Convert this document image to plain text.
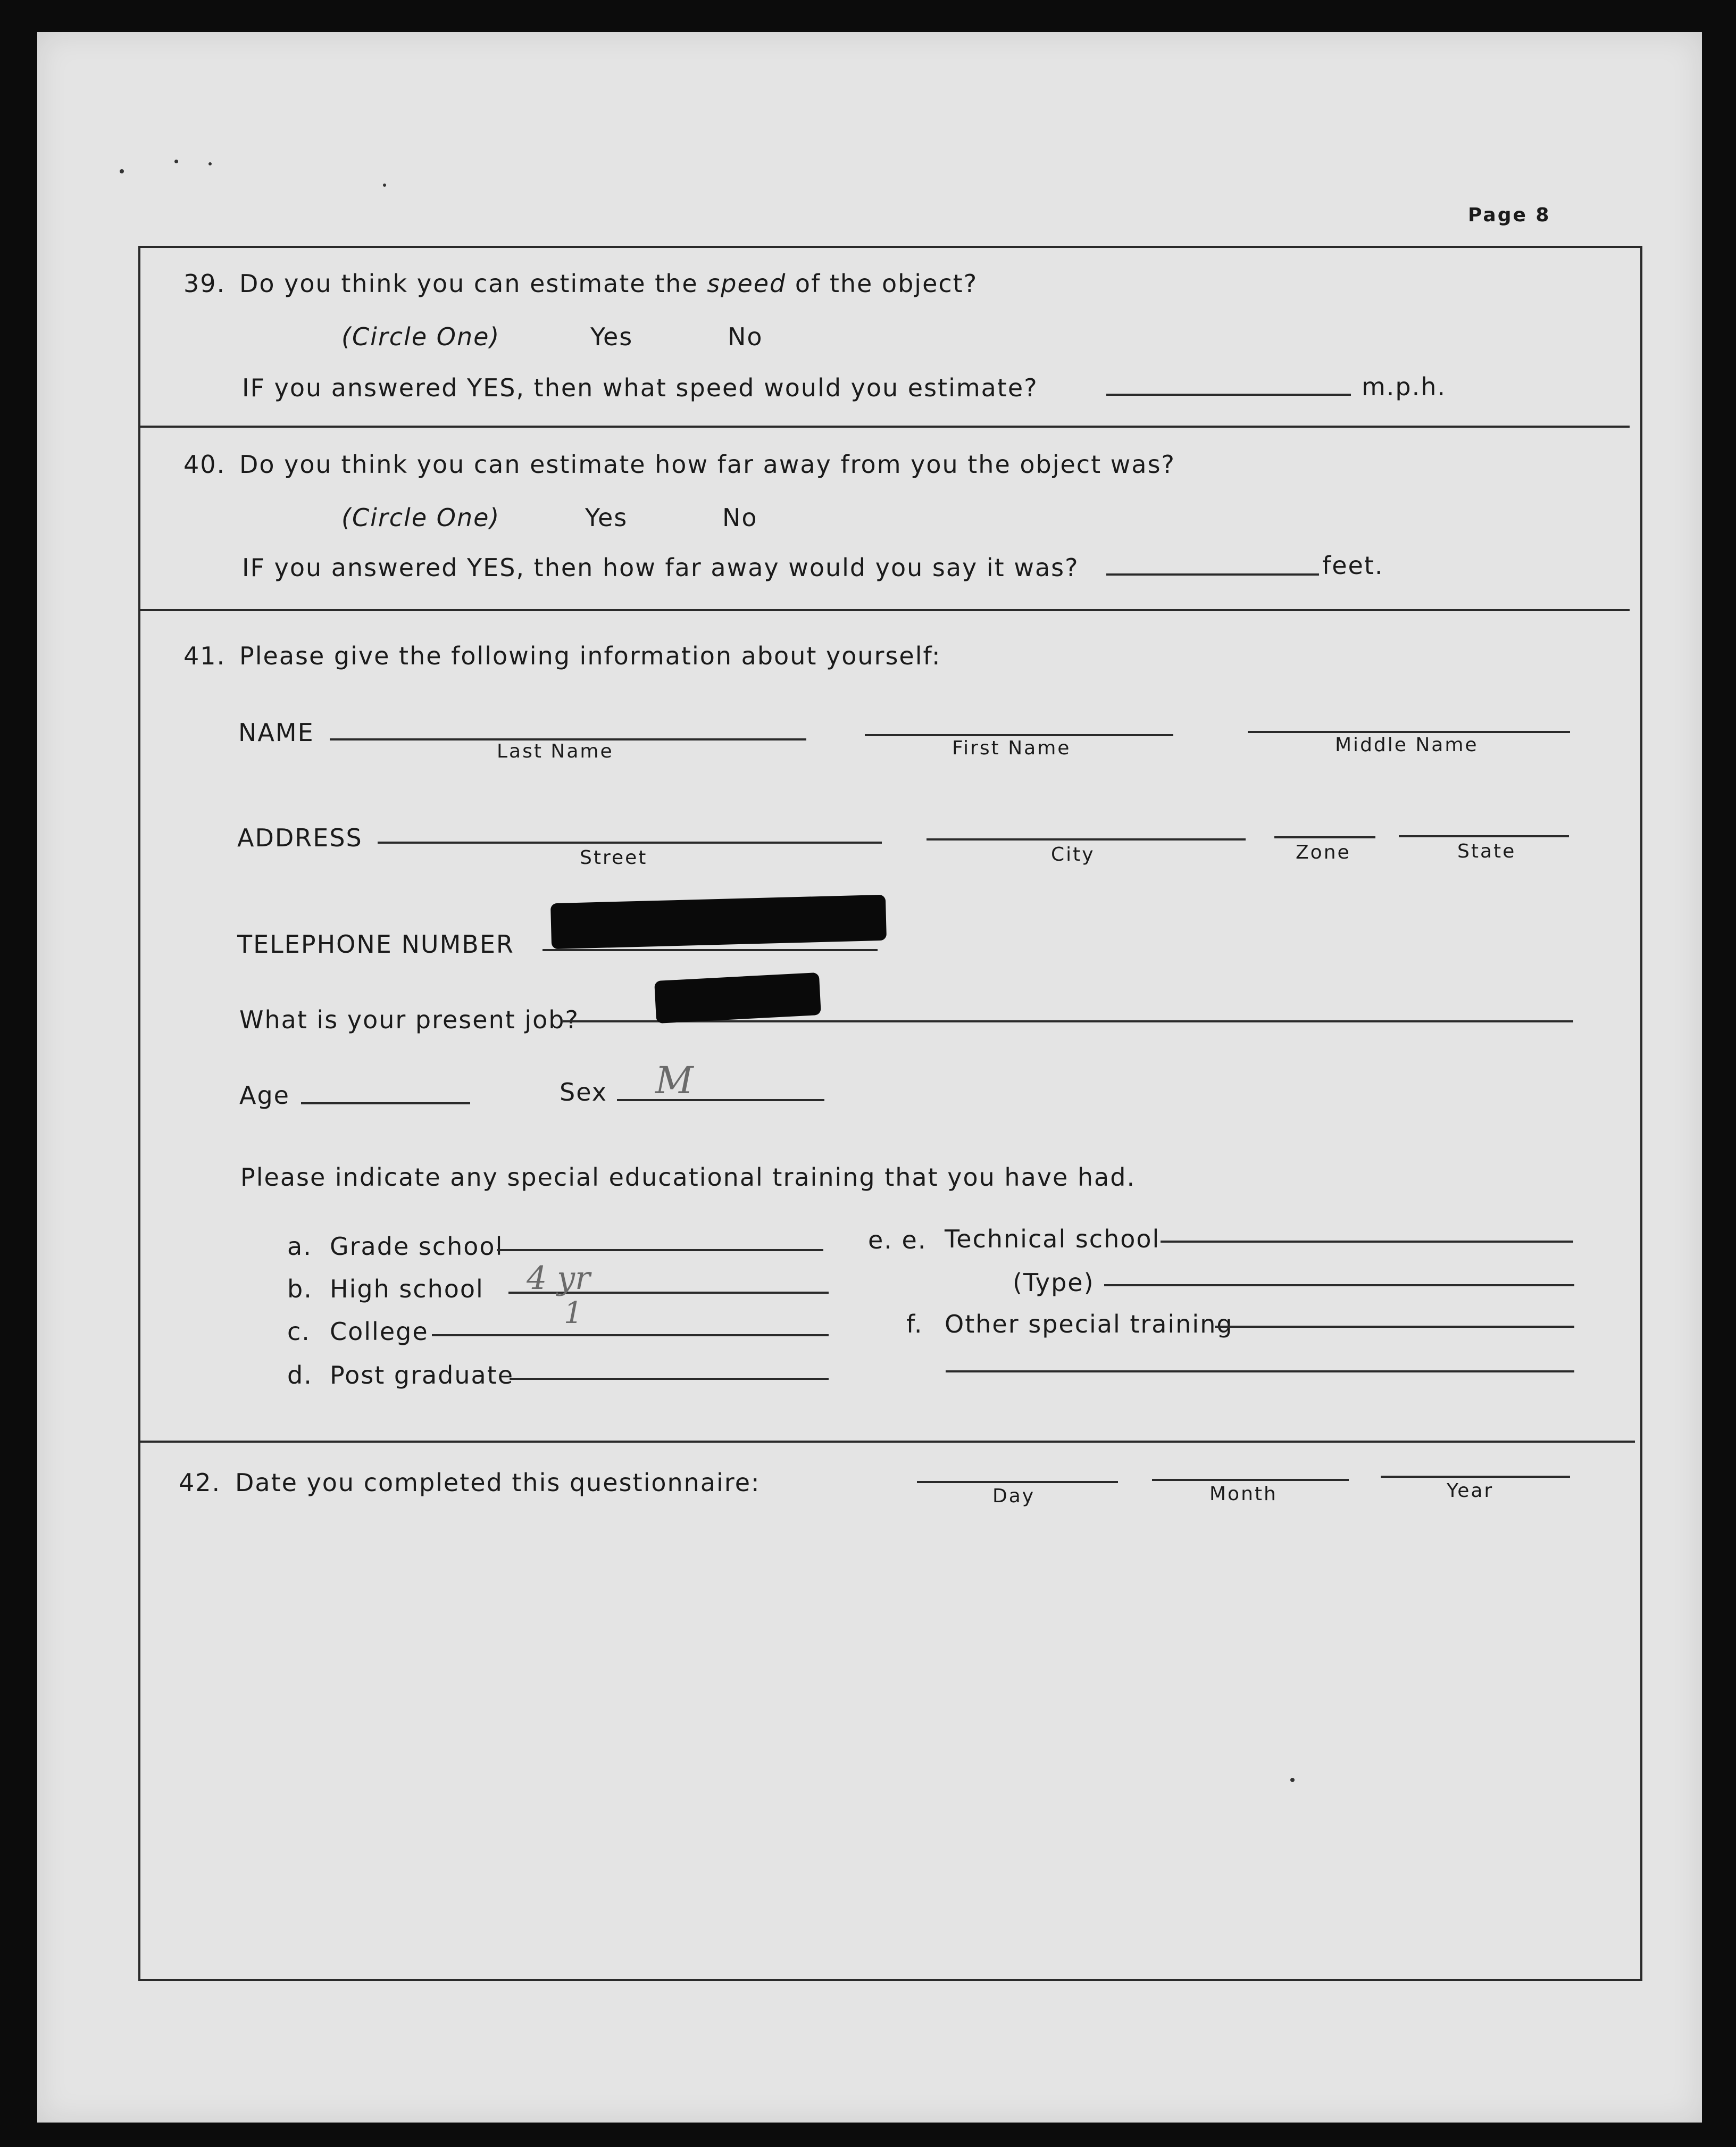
Page 8
39. Do you think you can estimate the speed of the object?
(Circle One)	Yes	No
IF you answered YES, then what speed would you estimate?	m.p.h.
40. Do you think you can estimate how far away from you the object was?
(Circle One)	Yes	No
IF you answered YES, then how far away would you say it was?	feet.
41. Please give the following information about yourself:
NAME
Last Name	First Name	Middle Name
ADDRESS
Street	City	Zone	State
TELEPHONE NUMBER
What is your present job?
Age	Sex M
Please indicate any special educational training that you have had.
a. Grade school
b. High school 4 yr
c. College
1
d. Post graduate
e. e. Technical school
(Type)
f. Other special training
42. Date you completed this questionnaire:	Day	Month	Year
